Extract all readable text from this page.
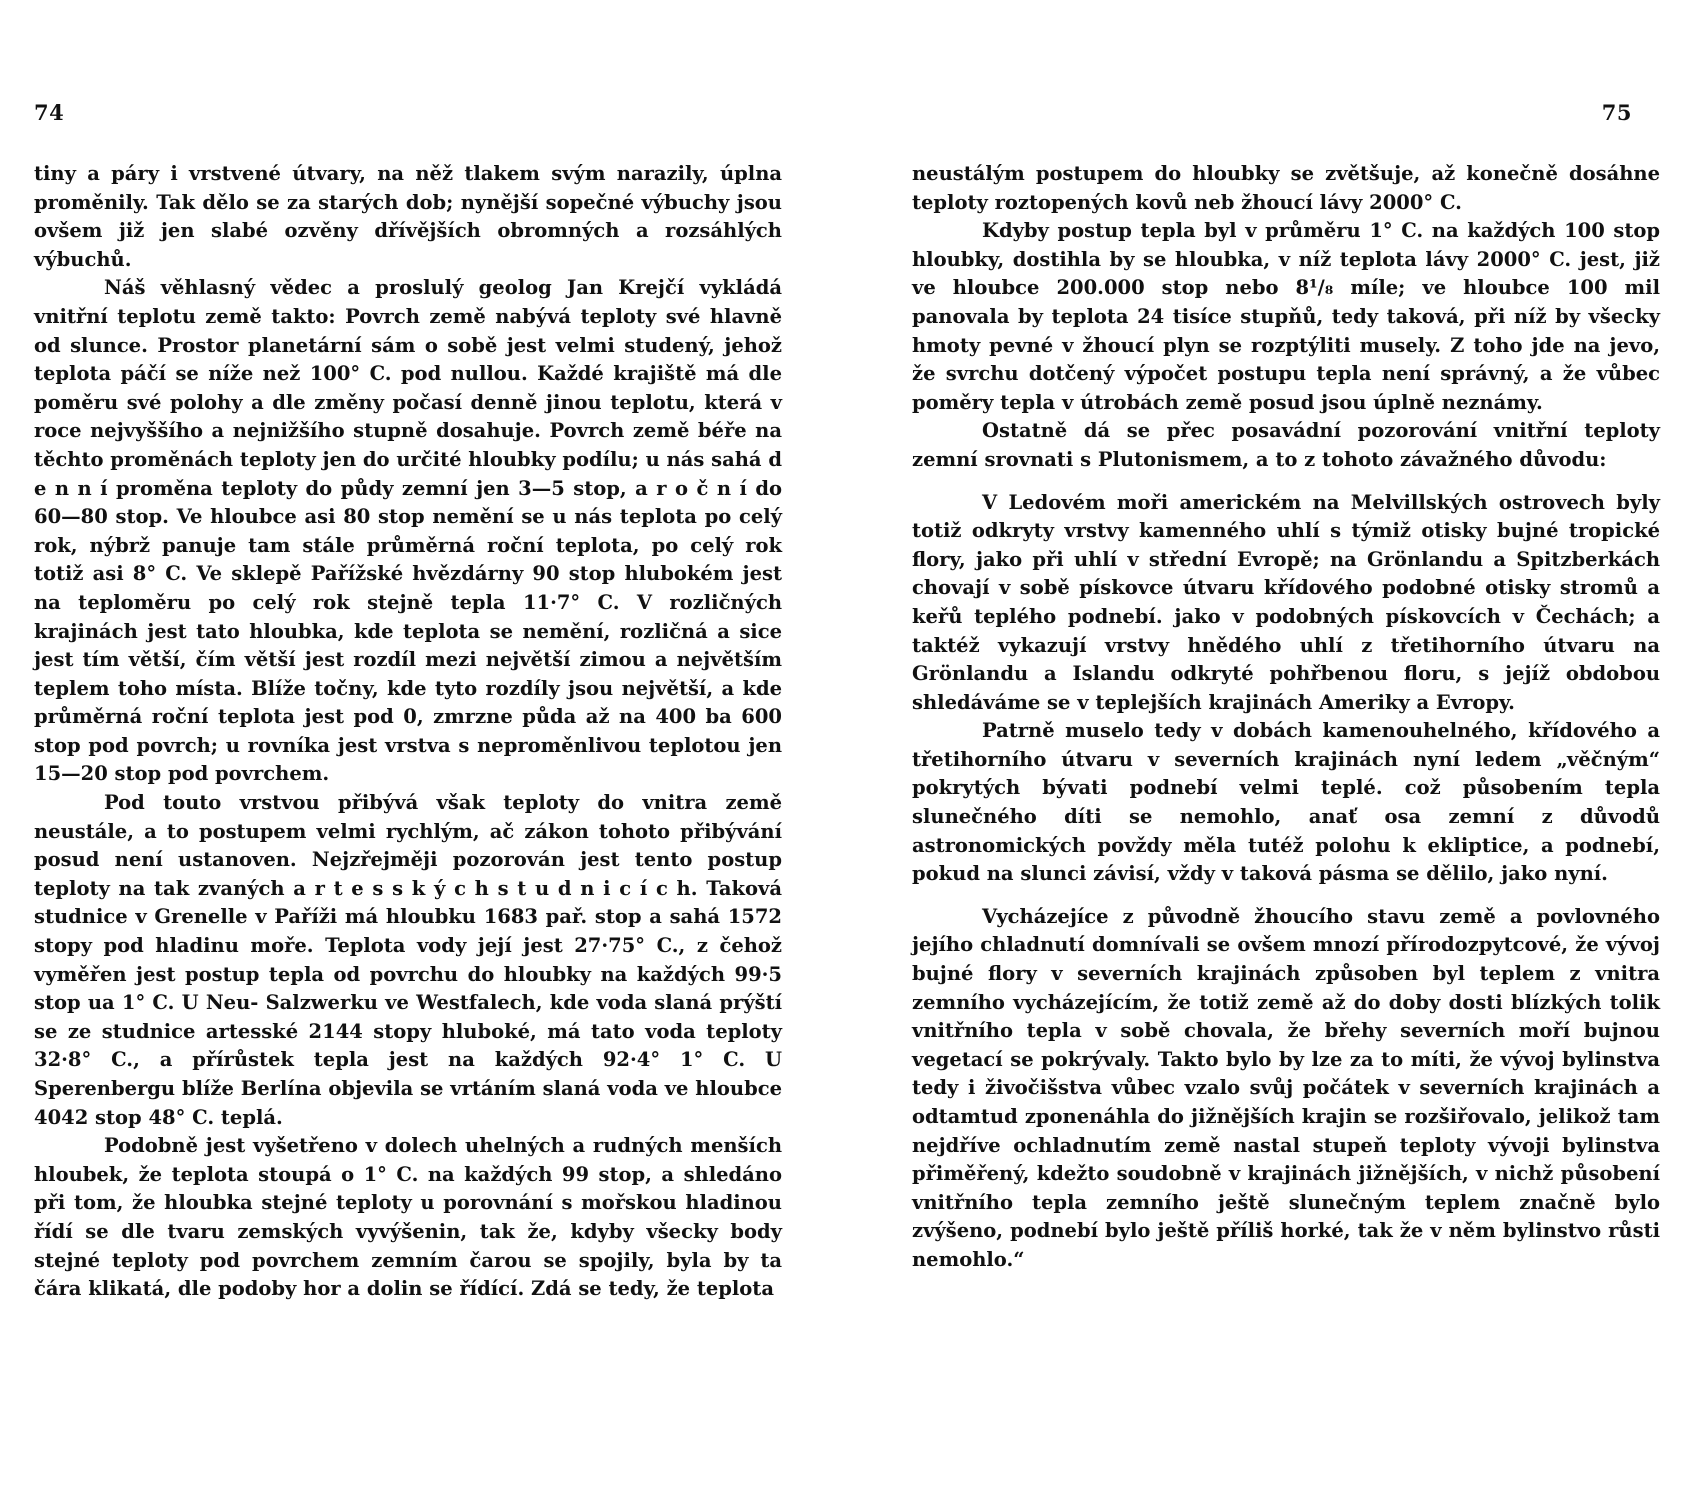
74

tiny a páry i vrstvené útvary, na něž tlakem svým narazily, úplna proměnily. Tak dělo se za starých dob; nynější sopečné výbuchy jsou ovšem již jen slabé ozvěny dřívějších obromných a rozsáhlých výbuchů.

Náš věhlasný vědec a proslulý geolog Jan Krejčí vykládá vnitřní teplotu země takto: Povrch země nabývá teploty své hlavně od slunce. Prostor planetární sám o sobě jest velmi studený, jehož teplota páčí se níže než 100° C. pod nullou. Každé krajiště má dle poměru své polohy a dle změny počasí denně jinou teplotu, která v roce nejvyššího a nejnižšího stupně dosahuje. Povrch země béře na těchto proměnách teploty jen do určité hloubky podílu; u nás sahá d e n n í proměna teploty do půdy zemní jen 3—5 stop, a r o č n í do 60—80 stop. Ve hloubce asi 80 stop nemění se u nás teplota po celý rok, nýbrž panuje tam stále průměrná roční teplota, po celý rok totiž asi 8° C. Ve sklepě Pařížské hvězdárny 90 stop hlubokém jest na teploměru po celý rok stejně tepla 11·7° C. V rozličných krajinách jest tato hloubka, kde teplota se nemění, rozličná a sice jest tím větší, čím větší jest rozdíl mezi největší zimou a největším teplem toho místa. Blíže točny, kde tyto rozdíly jsou největší, a kde průměrná roční teplota jest pod 0, zmrzne půda až na 400 ba 600 stop pod povrch; u rovníka jest vrstva s neproměnlivou teplotou jen 15—20 stop pod povrchem.

Pod touto vrstvou přibývá však teploty do vnitra země neustále, a to postupem velmi rychlým, ač zákon tohoto přibývání posud není ustanoven. Nejzřejměji pozorován jest tento postup teploty na tak zvaných a r t e s s k ý c h s t u d n i c í c h. Taková studnice v Grenelle v Paříži má hloubku 1683 pař. stop a sahá 1572 stopy pod hladinu moře. Teplota vody její jest 27·75° C., z čehož vyměřen jest postup tepla od povrchu do hloubky na každých 99·5 stop ua 1° C. U Neu- Salzwerku ve Westfalech, kde voda slaná prýští se ze studnice artesské 2144 stopy hluboké, má tato voda teploty 32·8° C., a přírůstek tepla jest na každých 92·4° 1° C. U Sperenbergu blíže Berlína objevila se vrtáním slaná voda ve hloubce 4042 stop 48° C. teplá.

Podobně jest vyšetřeno v dolech uhelných a rudných menších hloubek, že teplota stoupá o 1° C. na každých 99 stop, a shledáno při tom, že hloubka stejné teploty u porovnání s mořskou hladinou řídí se dle tvaru zemských vyvýšenin, tak že, kdyby všecky body stejné teploty pod povrchem zemním čarou se spojily, byla by ta čára klikatá, dle podoby hor a dolin se řídící. Zdá se tedy, že teplota

75

neustálým postupem do hloubky se zvětšuje, až konečně dosáhne teploty roztopených kovů neb žhoucí lávy 2000° C.

Kdyby postup tepla byl v průměru 1° C. na každých 100 stop hloubky, dostihla by se hloubka, v níž teplota lávy 2000° C. jest, již ve hloubce 200.000 stop nebo 8¹/₈ míle; ve hloubce 100 mil panovala by teplota 24 tisíce stupňů, tedy taková, při níž by všecky hmoty pevné v žhoucí plyn se rozptýliti musely. Z toho jde na jevo, že svrchu dotčený výpočet postupu tepla není správný, a že vůbec poměry tepla v útrobách země posud jsou úplně neznámy.

Ostatně dá se přec posavádní pozorování vnitřní teploty zemní srovnati s Plutonismem, a to z tohoto závažného důvodu:

V Ledovém moři americkém na Melvillských ostrovech byly totiž odkryty vrstvy kamenného uhlí s týmiž otisky bujné tropické flory, jako při uhlí v střední Evropě; na Grönlandu a Spitzberkách chovají v sobě pískovce útvaru křídového podobné otisky stromů a keřů teplého podnebí. jako v podobných pískovcích v Čechách; a taktéž vykazují vrstvy hnědého uhlí z třetihorního útvaru na Grönlandu a Islandu odkryté pohřbenou floru, s jejíž obdobou shledáváme se v teplejších krajinách Ameriky a Evropy.

Patrně muselo tedy v dobách kamenouhelného, křídového a třetihorního útvaru v severních krajinách nyní ledem „věčným“ pokrytých bývati podnebí velmi teplé. což působením tepla slunečného díti se nemohlo, anať osa zemní z důvodů astronomických povždy měla tutéž polohu k ekliptice, a podnebí, pokud na slunci závisí, vždy v taková pásma se dělilo, jako nyní.

Vycházejíce z původně žhoucího stavu země a povlovného jejího chladnutí domnívali se ovšem mnozí přírodozpytcové, že vývoj bujné flory v severních krajinách způsoben byl teplem z vnitra zemního vycházejícím, že totiž země až do doby dosti blízkých tolik vnitřního tepla v sobě chovala, že břehy severních moří bujnou vegetací se pokrývaly. Takto bylo by lze za to míti, že vývoj bylinstva tedy i živočišstva vůbec vzalo svůj počátek v severních krajinách a odtamtud zponenáhla do jižnějších krajin se rozšiřovalo, jelikož tam nejdříve ochladnutím země nastal stupeň teploty vývoji bylinstva přiměřený, kdežto soudobně v krajinách jižnějších, v nichž působení vnitřního tepla zemního ještě slunečným teplem značně bylo zvýšeno, podnebí bylo ještě příliš horké, tak že v něm bylinstvo růsti nemohlo.“
